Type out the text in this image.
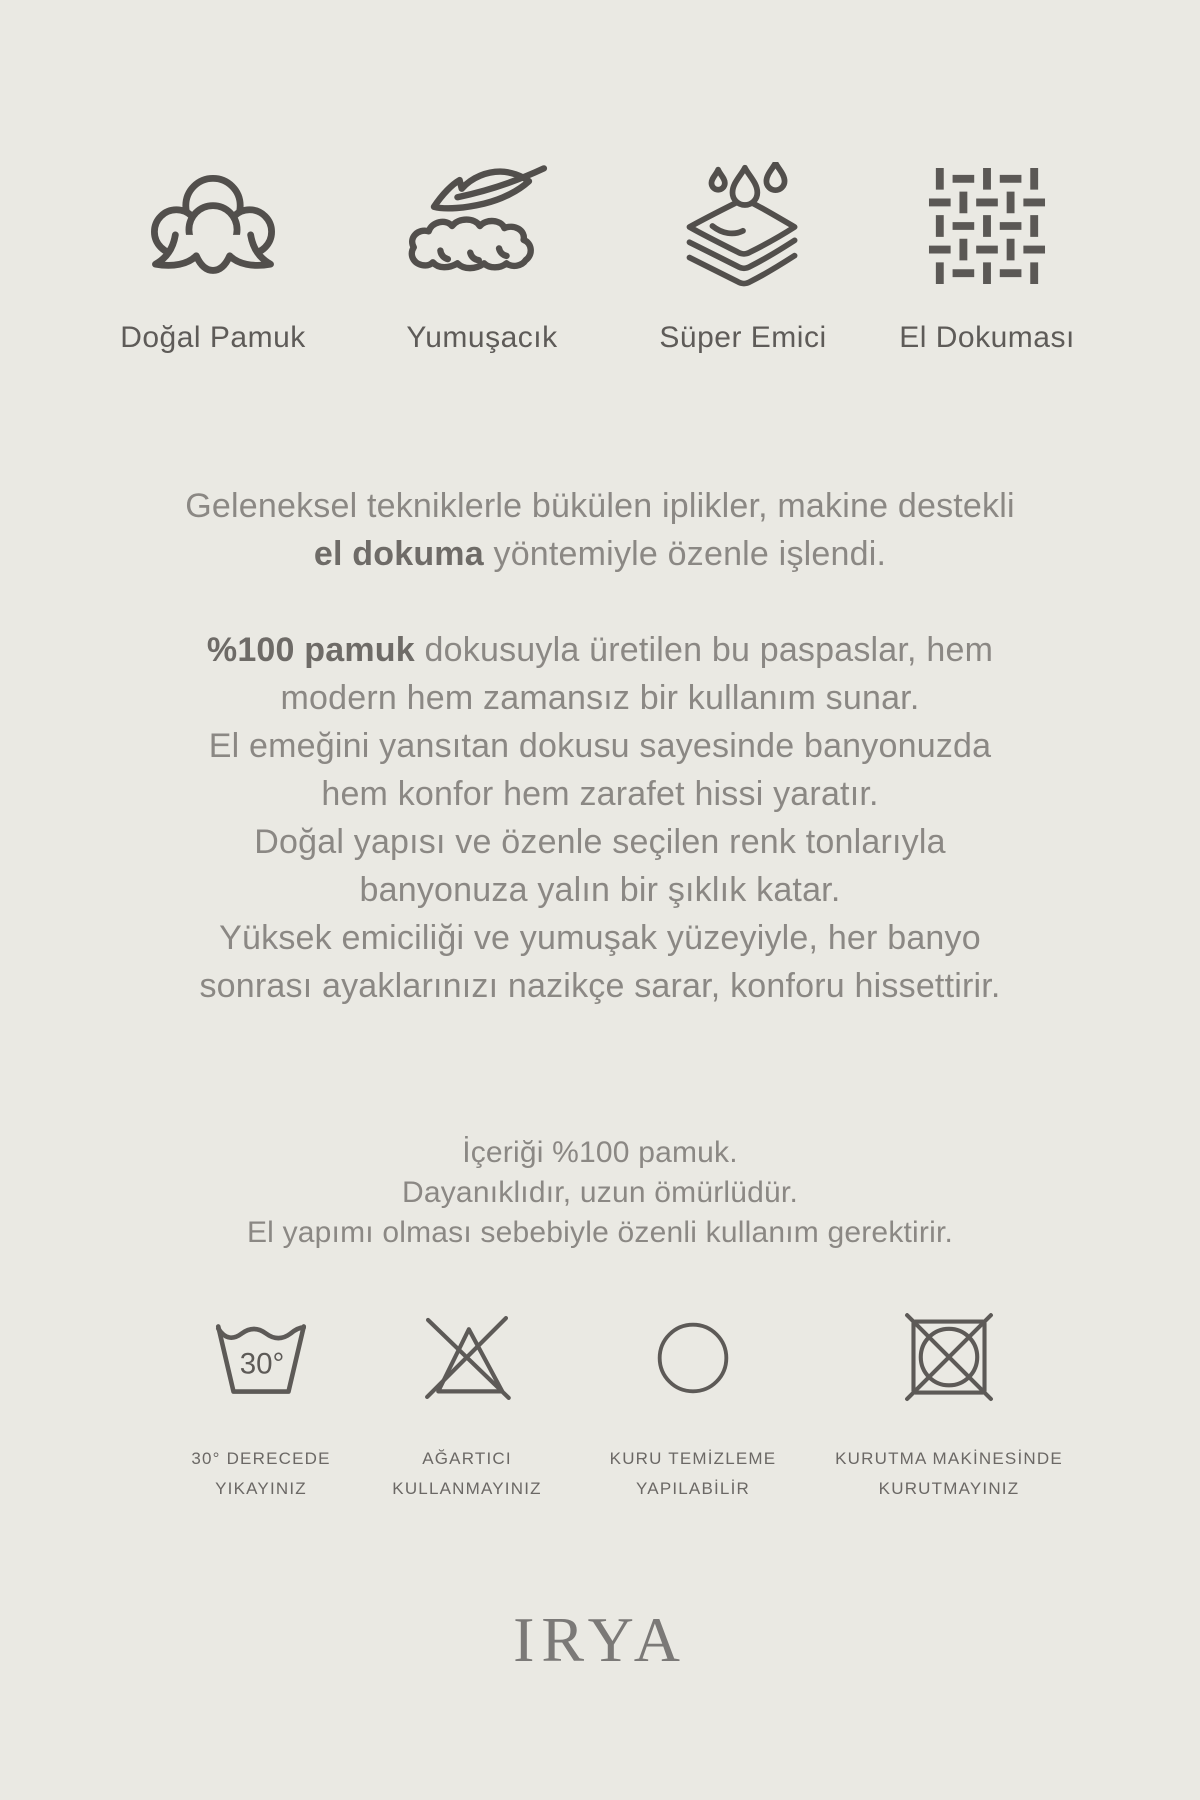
Doğal Pamuk	Yumuşacık	Süper Emici	El Dokuması
Geleneksel tekniklerle bükülen iplikler, makine destekli
el dokuma yöntemiyle özenle işlendi.
%100 pamuk dokusuyla üretilen bu paspaslar, hem
modern hem zamansız bir kullanım sunar.
El emeğini yansıtan dokusu sayesinde banyonuzda
hem konfor hem zarafet hissi yaratır.
Doğal yapısı ve özenle seçilen renk tonlarıyla
banyonuza yalın bir şıklık katar.
Yüksek emiciliği ve yumuşak yüzeyiyle, her banyo
sonrası ayaklarınızı nazikçe sarar, konforu hissettirir.
İçeriği %100 pamuk.
Dayanıklıdır, uzun ömürlüdür.
El yapımı olması sebebiyle özenli kullanım gerektirir.
30°
30° DERECEDE
YIKAYINIZ
AĞARTICI
KULLANMAYINIZ
KURU TEMİZLEME
YAPILABİLİR
KURUTMA MAKİNESİNDE
KURUTMAYINIZ
IRYA
